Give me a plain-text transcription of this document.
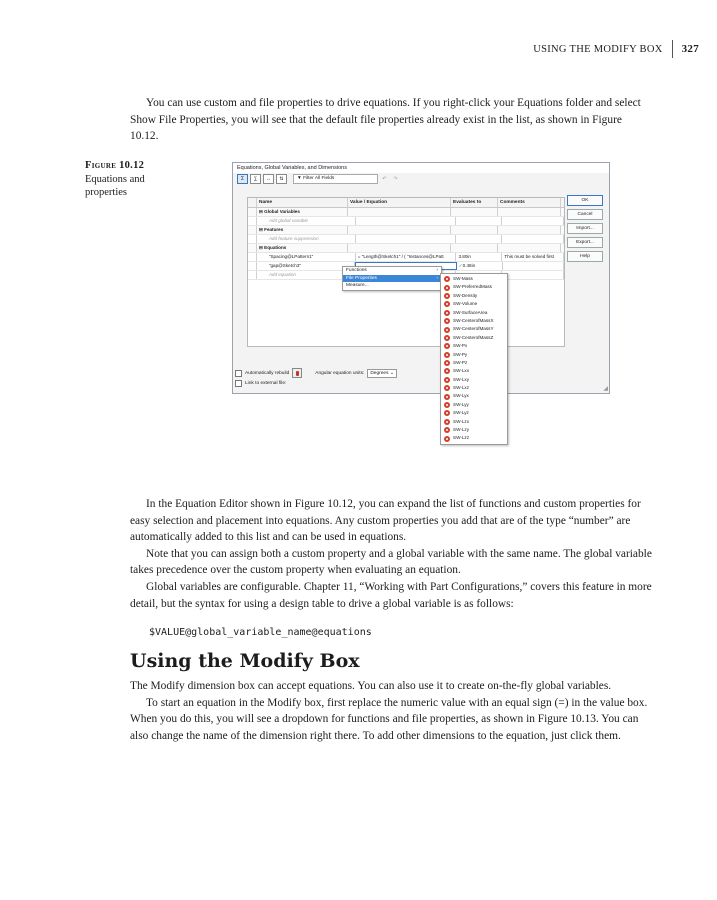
USING THE MODIFY BOX 327

You can use custom and file properties to drive equations. If you right-click your Equations folder and select Show File Properties, you will see that the default file properties already exist in the list, as shown in Figure 10.12.

Figure 10.12
Equations and properties
Equations, Global Variables, and Dimensions
Σ	∑	↔	⇅	▼ Filter All Fields	↶	↷
Name	Value / Equation	Evaluates to	Comments
⊟ Global Variables
Add global variable
⊟ Features
Add feature suppression
⊟ Equations
"Spacing@LPattern1"	= "Length@Sketch1" / ( "Instances@LPatt	3.80in	This must be solved first
"gap@Sketch3"	✓0.48in
Add equation
OK
Cancel
Import...
Export...
Help
Automatically rebuild	Angular equation units:	Degrees ⌄
Link to external file:
◢
Functions	›
File Properties	›
Measure...
SW-Mass
SW-PreferredMass
SW-Density
SW-Volume
SW-SurfaceArea
SW-CenterofMassX
SW-CenterofMassY
SW-CenterofMassZ
SW-Px
SW-Py
SW-Pz
SW-Lxx
SW-Lxy
SW-Lxz
SW-Lyx
SW-Lyy
SW-Lyz
SW-Lzx
SW-Lzy
SW-Lzz

In the Equation Editor shown in Figure 10.12, you can expand the list of functions and custom properties for easy selection and placement into equations. Any custom properties you add that are of the type “number” are automatically added to this list and can be used in equations.

Note that you can assign both a custom property and a global variable with the same name. The global variable takes precedence over the custom property when evaluating an equation.

Global variables are configurable. Chapter 11, “Working with Part Configurations,” covers this feature in more detail, but the syntax for using a design table to drive a global variable is as follows:

$VALUE@global_variable_name@equations
Using the Modify Box

The Modify dimension box can accept equations. You can also use it to create on-the-fly global variables.

To start an equation in the Modify box, first replace the numeric value with an equal sign (=) in the value box. When you do this, you will see a dropdown for functions and file properties, as shown in Figure 10.13. You can also change the name of the dimension right there. To add other dimensions to the equation, just click them.
